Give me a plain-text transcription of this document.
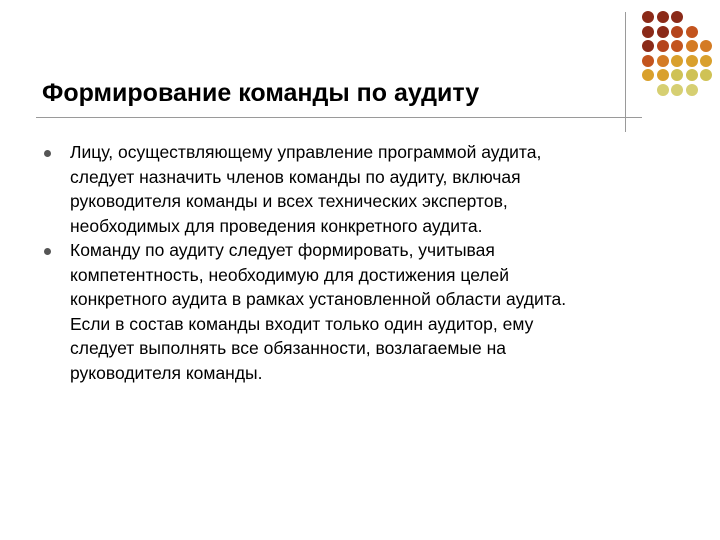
Формирование команды по аудиту
Лицу, осуществляющему управление программой аудита,
следует назначить членов команды по аудиту, включая
руководителя команды и всех технических экспертов,
необходимых для проведения конкретного аудита.
Команду по аудиту следует формировать, учитывая
компетентность, необходимую для достижения целей
конкретного аудита в рамках установленной области аудита.
Если в состав команды входит только один аудитор, ему
следует выполнять все обязанности, возлагаемые на
руководителя команды.
